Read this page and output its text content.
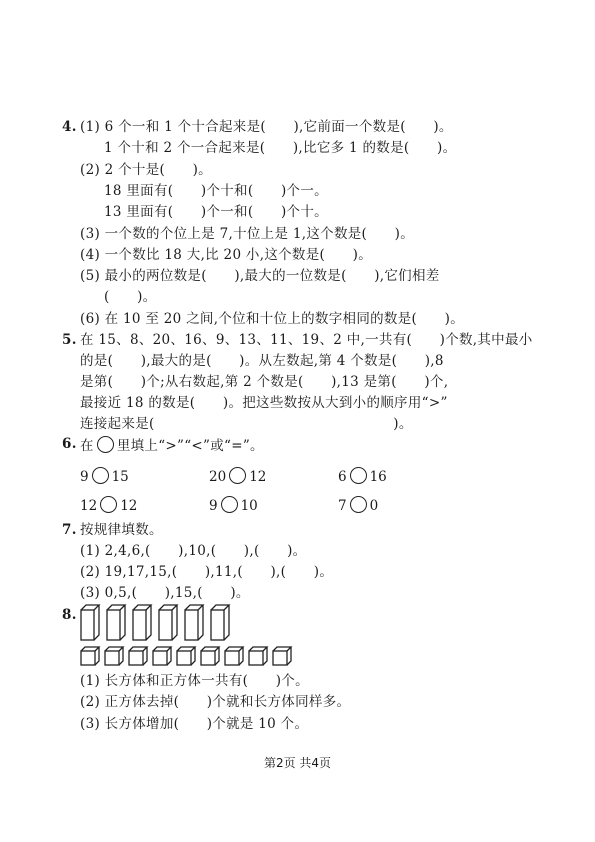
4. (1) 6 个一和 1 个十合起来是(      ),它前面一个数是(      )。
1 个十和 2 个一合起来是(      ),比它多 1 的数是(      )。
(2) 2 个十是(      )。
18 里面有(      )个十和(      )个一。
13 里面有(      )个一和(      )个十。
(3) 一个数的个位上是 7,十位上是 1,这个数是(      )。
(4) 一个数比 18 大,比 20 小,这个数是(      )。
(5) 最小的两位数是(      ),最大的一位数是(      ),它们相差
(      )。
(6) 在 10 至 20 之间,个位和十位上的数字相同的数是(      )。
5. 在 15、8、20、16、9、13、11、19、2 中,一共有(      )个数,其中最小
的是(      ),最大的是(      )。从左数起,第 4 个数是(      ),8
是第(      )个;从右数起,第 2 个数是(      ),13 是第(      )个,
最接近 18 的数是(      )。把这些数按从大到小的顺序用“>”
连接起来是(                                                    )。
6. 在 里填上“>”“<”或“=”。
9 15	20 12	6 16
12 12	9 10	7 0
7. 按规律填数。
(1) 2,4,6,(      ),10,(      ),(      )。
(2) 19,17,15,(      ),11,(      ),(      )。
(3) 0,5,(      ),15,(      )。
8.
(1) 长方体和正方体一共有(      )个。
(2) 正方体去掉(      )个就和长方体同样多。
(3) 长方体增加(      )个就是 10 个。
第2页 共4页
